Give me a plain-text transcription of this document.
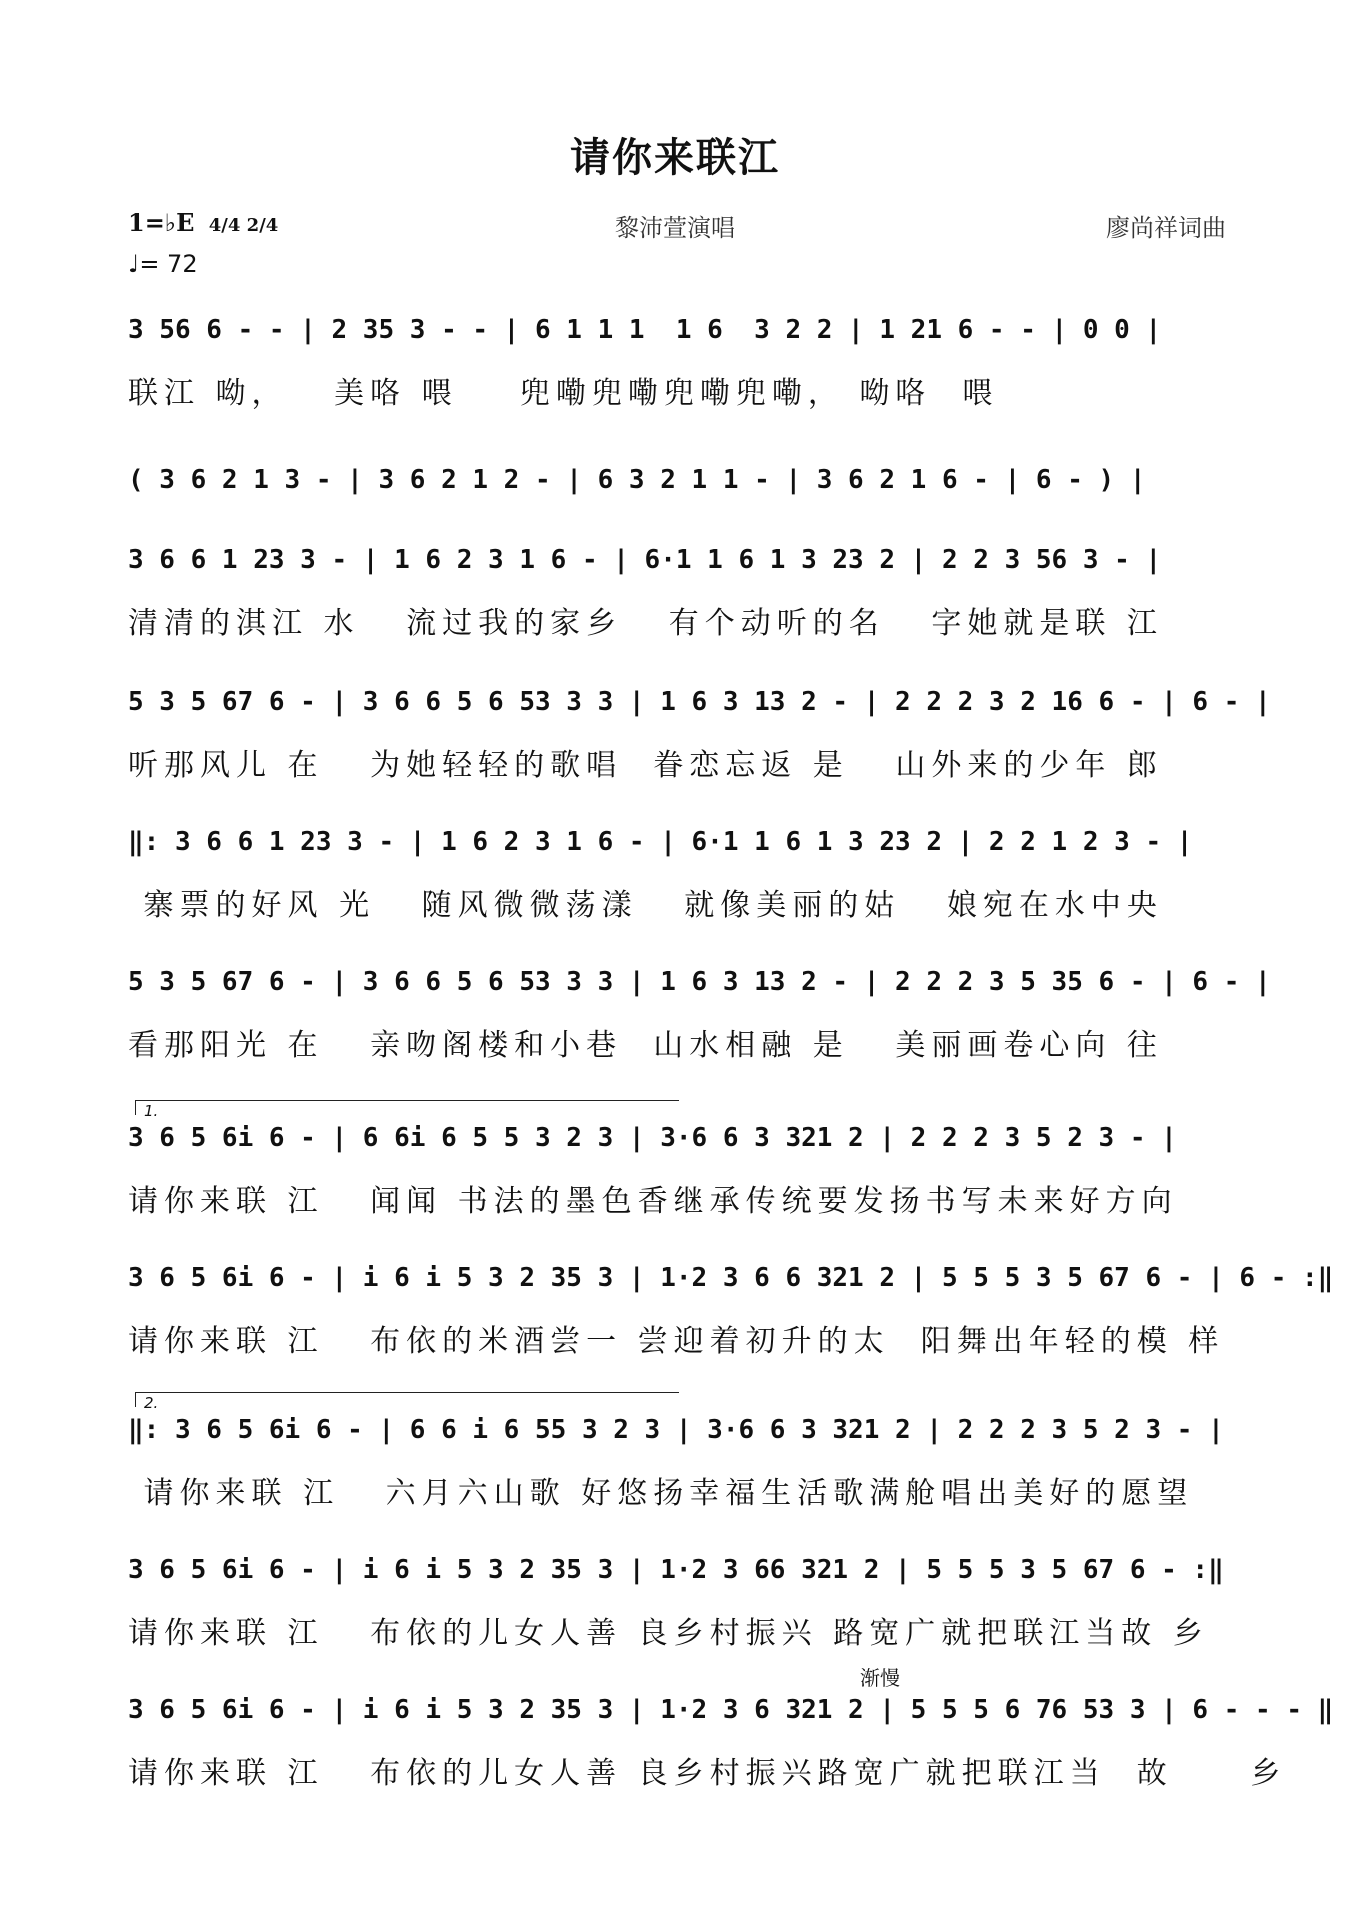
请你来联江
1=♭E 4/4 2/4
♩= 72
黎沛萱演唱	廖尚祥词曲
3 56 6 - - | 2 35 3 - - | 6 1 1 1  1 6  3 2 2 | 1 21 6 - - | 0 0 |
联江 呦，   美咯 喂    兜嘞兜嘞兜嘞兜嘞， 呦咯  喂
( 3 6 2 1 3 - | 3 6 2 1 2 - | 6 3 2 1 1 - | 3 6 2 1 6 - | 6 - ) |
3 6 6 1 23 3 - | 1 6 2 3 1 6 - | 6·1 1 6 1 3 23 2 | 2 2 3 56 3 - |
清清的淇江 水   流过我的家乡   有个动听的名   字她就是联 江
5 3 5 67 6 - | 3 6 6 5 6 53 3 3 | 1 6 3 13 2 - | 2 2 2 3 2 16 6 - | 6 - |
听那风儿 在   为她轻轻的歌唱  眷恋忘返 是   山外来的少年 郎
‖: 3 6 6 1 23 3 - | 1 6 2 3 1 6 - | 6·1 1 6 1 3 23 2 | 2 2 1 2 3 - |
寨票的好风 光   随风微微荡漾   就像美丽的姑   娘宛在水中央
5 3 5 67 6 - | 3 6 6 5 6 53 3 3 | 1 6 3 13 2 - | 2 2 2 3 5 35 6 - | 6 - |
看那阳光 在   亲吻阁楼和小巷  山水相融 是   美丽画卷心向 往
1.
3 6 5 6i 6 - | 6 6i 6 5 5 3 2 3 | 3·6 6 3 321 2 | 2 2 2 3 5 2 3 - |
请你来联 江   闻闻 书法的墨色香继承传统要发扬书写未来好方向
3 6 5 6i 6 - | i 6 i 5 3 2 35 3 | 1·2 3 6 6 321 2 | 5 5 5 3 5 67 6 - | 6 - :‖
请你来联 江   布依的米酒尝一 尝迎着初升的太  阳舞出年轻的模 样
2.
‖: 3 6 5 6i 6 - | 6 6 i 6 55 3 2 3 | 3·6 6 3 321 2 | 2 2 2 3 5 2 3 - |
请你来联 江   六月六山歌 好悠扬幸福生活歌满舱唱出美好的愿望
3 6 5 6i 6 - | i 6 i 5 3 2 35 3 | 1·2 3 66 321 2 | 5 5 5 3 5 67 6 - :‖
请你来联 江   布依的儿女人善 良乡村振兴 路宽广就把联江当故 乡
渐慢
3 6 5 6i 6 - | i 6 i 5 3 2 35 3 | 1·2 3 6 321 2 | 5 5 5 6 76 53 3 | 6 - - - ‖
请你来联 江   布依的儿女人善 良乡村振兴路宽广就把联江当  故     乡
